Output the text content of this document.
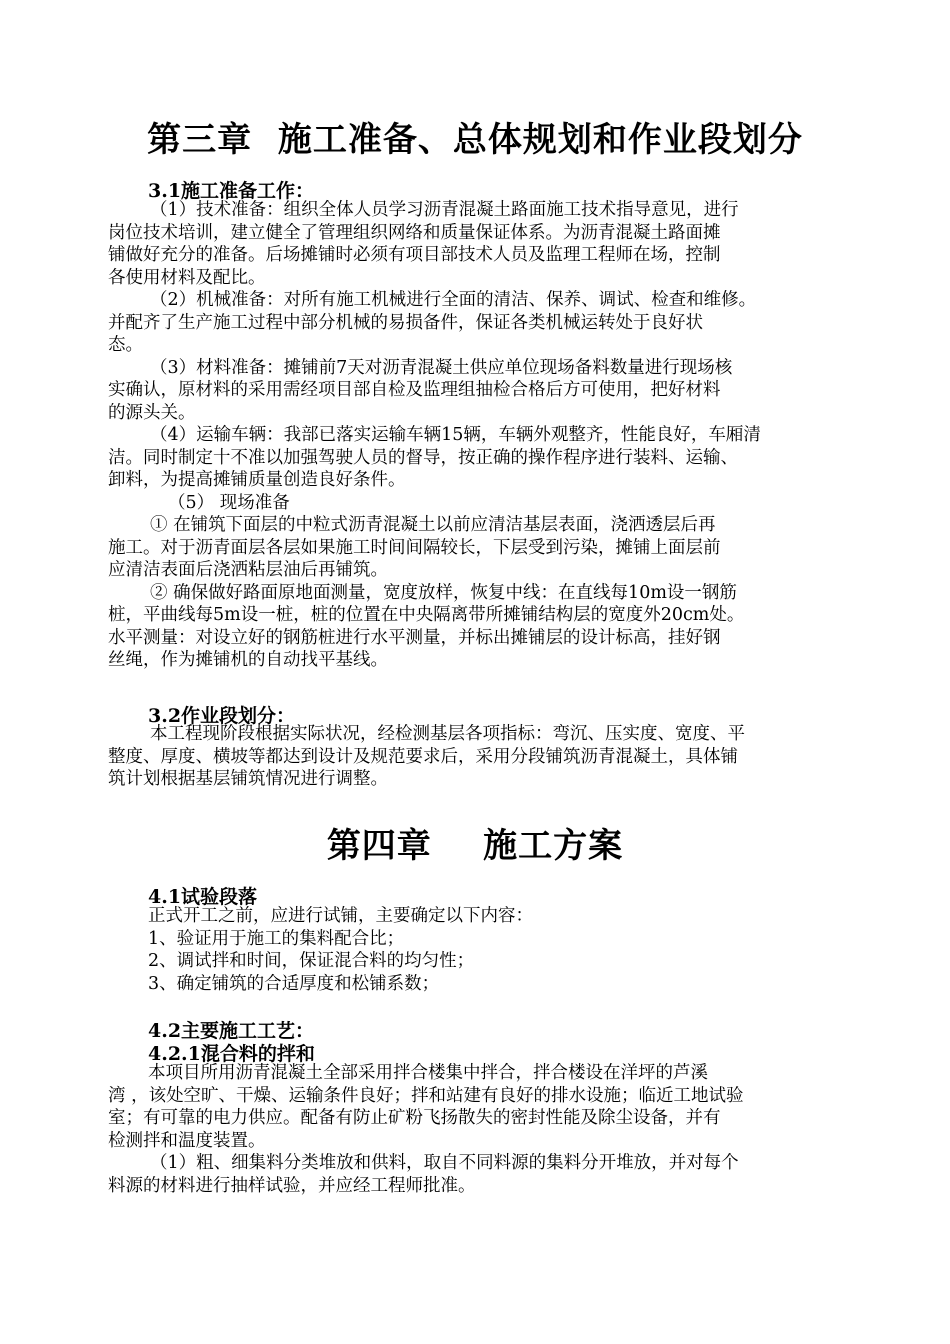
第三章  施工准备、总体规划和作业段划分
3.1施工准备工作：

（1）技术准备：组织全体人员学习沥青混凝土路面施工技术指导意见，进行

岗位技术培训，建立健全了管理组织网络和质量保证体系。为沥青混凝土路面摊

铺做好充分的准备。后场摊铺时必须有项目部技术人员及监理工程师在场，控制

各使用材料及配比。

（2）机械准备：对所有施工机械进行全面的清洁、保养、调试、检查和维修。

并配齐了生产施工过程中部分机械的易损备件，保证各类机械运转处于良好状

态。

（3）材料准备：摊铺前7天对沥青混凝土供应单位现场备料数量进行现场核

实确认，原材料的采用需经项目部自检及监理组抽检合格后方可使用，把好材料

的源头关。

（4）运输车辆：我部已落实运输车辆15辆，车辆外观整齐，性能良好，车厢清

洁。同时制定十不准以加强驾驶人员的督导，按正确的操作程序进行装料、运输、

卸料，为提高摊铺质量创造良好条件。

（5） 现场准备

① 在铺筑下面层的中粒式沥青混凝土以前应清洁基层表面，浇洒透层后再

施工。对于沥青面层各层如果施工时间间隔较长，下层受到污染，摊铺上面层前

应清洁表面后浇洒粘层油后再铺筑。

② 确保做好路面原地面测量，宽度放样，恢复中线：在直线每10m设一钢筋

桩，平曲线每5m设一桩，桩的位置在中央隔离带所摊铺结构层的宽度外20cm处。

水平测量：对设立好的钢筋桩进行水平测量，并标出摊铺层的设计标高，挂好钢

丝绳，作为摊铺机的自动找平基线。

3.2作业段划分：

本工程现阶段根据实际状况，经检测基层各项指标：弯沉、压实度、宽度、平

整度、厚度、横坡等都达到设计及规范要求后，采用分段铺筑沥青混凝土，具体铺

筑计划根据基层铺筑情况进行调整。

第四章    施工方案
4.1试验段落

正式开工之前，应进行试铺，主要确定以下内容：

1、验证用于施工的集料配合比；

2、调试拌和时间，保证混合料的均匀性；

3、确定铺筑的合适厚度和松铺系数；

4.2主要施工工艺：
4.2.1混合料的拌和

本项目所用沥青混凝土全部采用拌合楼集中拌合，拌合楼设在洋坪的芦溪

湾 ，该处空旷、干燥、运输条件良好；拌和站建有良好的排水设施；临近工地试验

室；有可靠的电力供应。配备有防止矿粉飞扬散失的密封性能及除尘设备，并有

检测拌和温度装置。

（1）粗、细集料分类堆放和供料，取自不同料源的集料分开堆放，并对每个

料源的材料进行抽样试验，并应经工程师批准。
